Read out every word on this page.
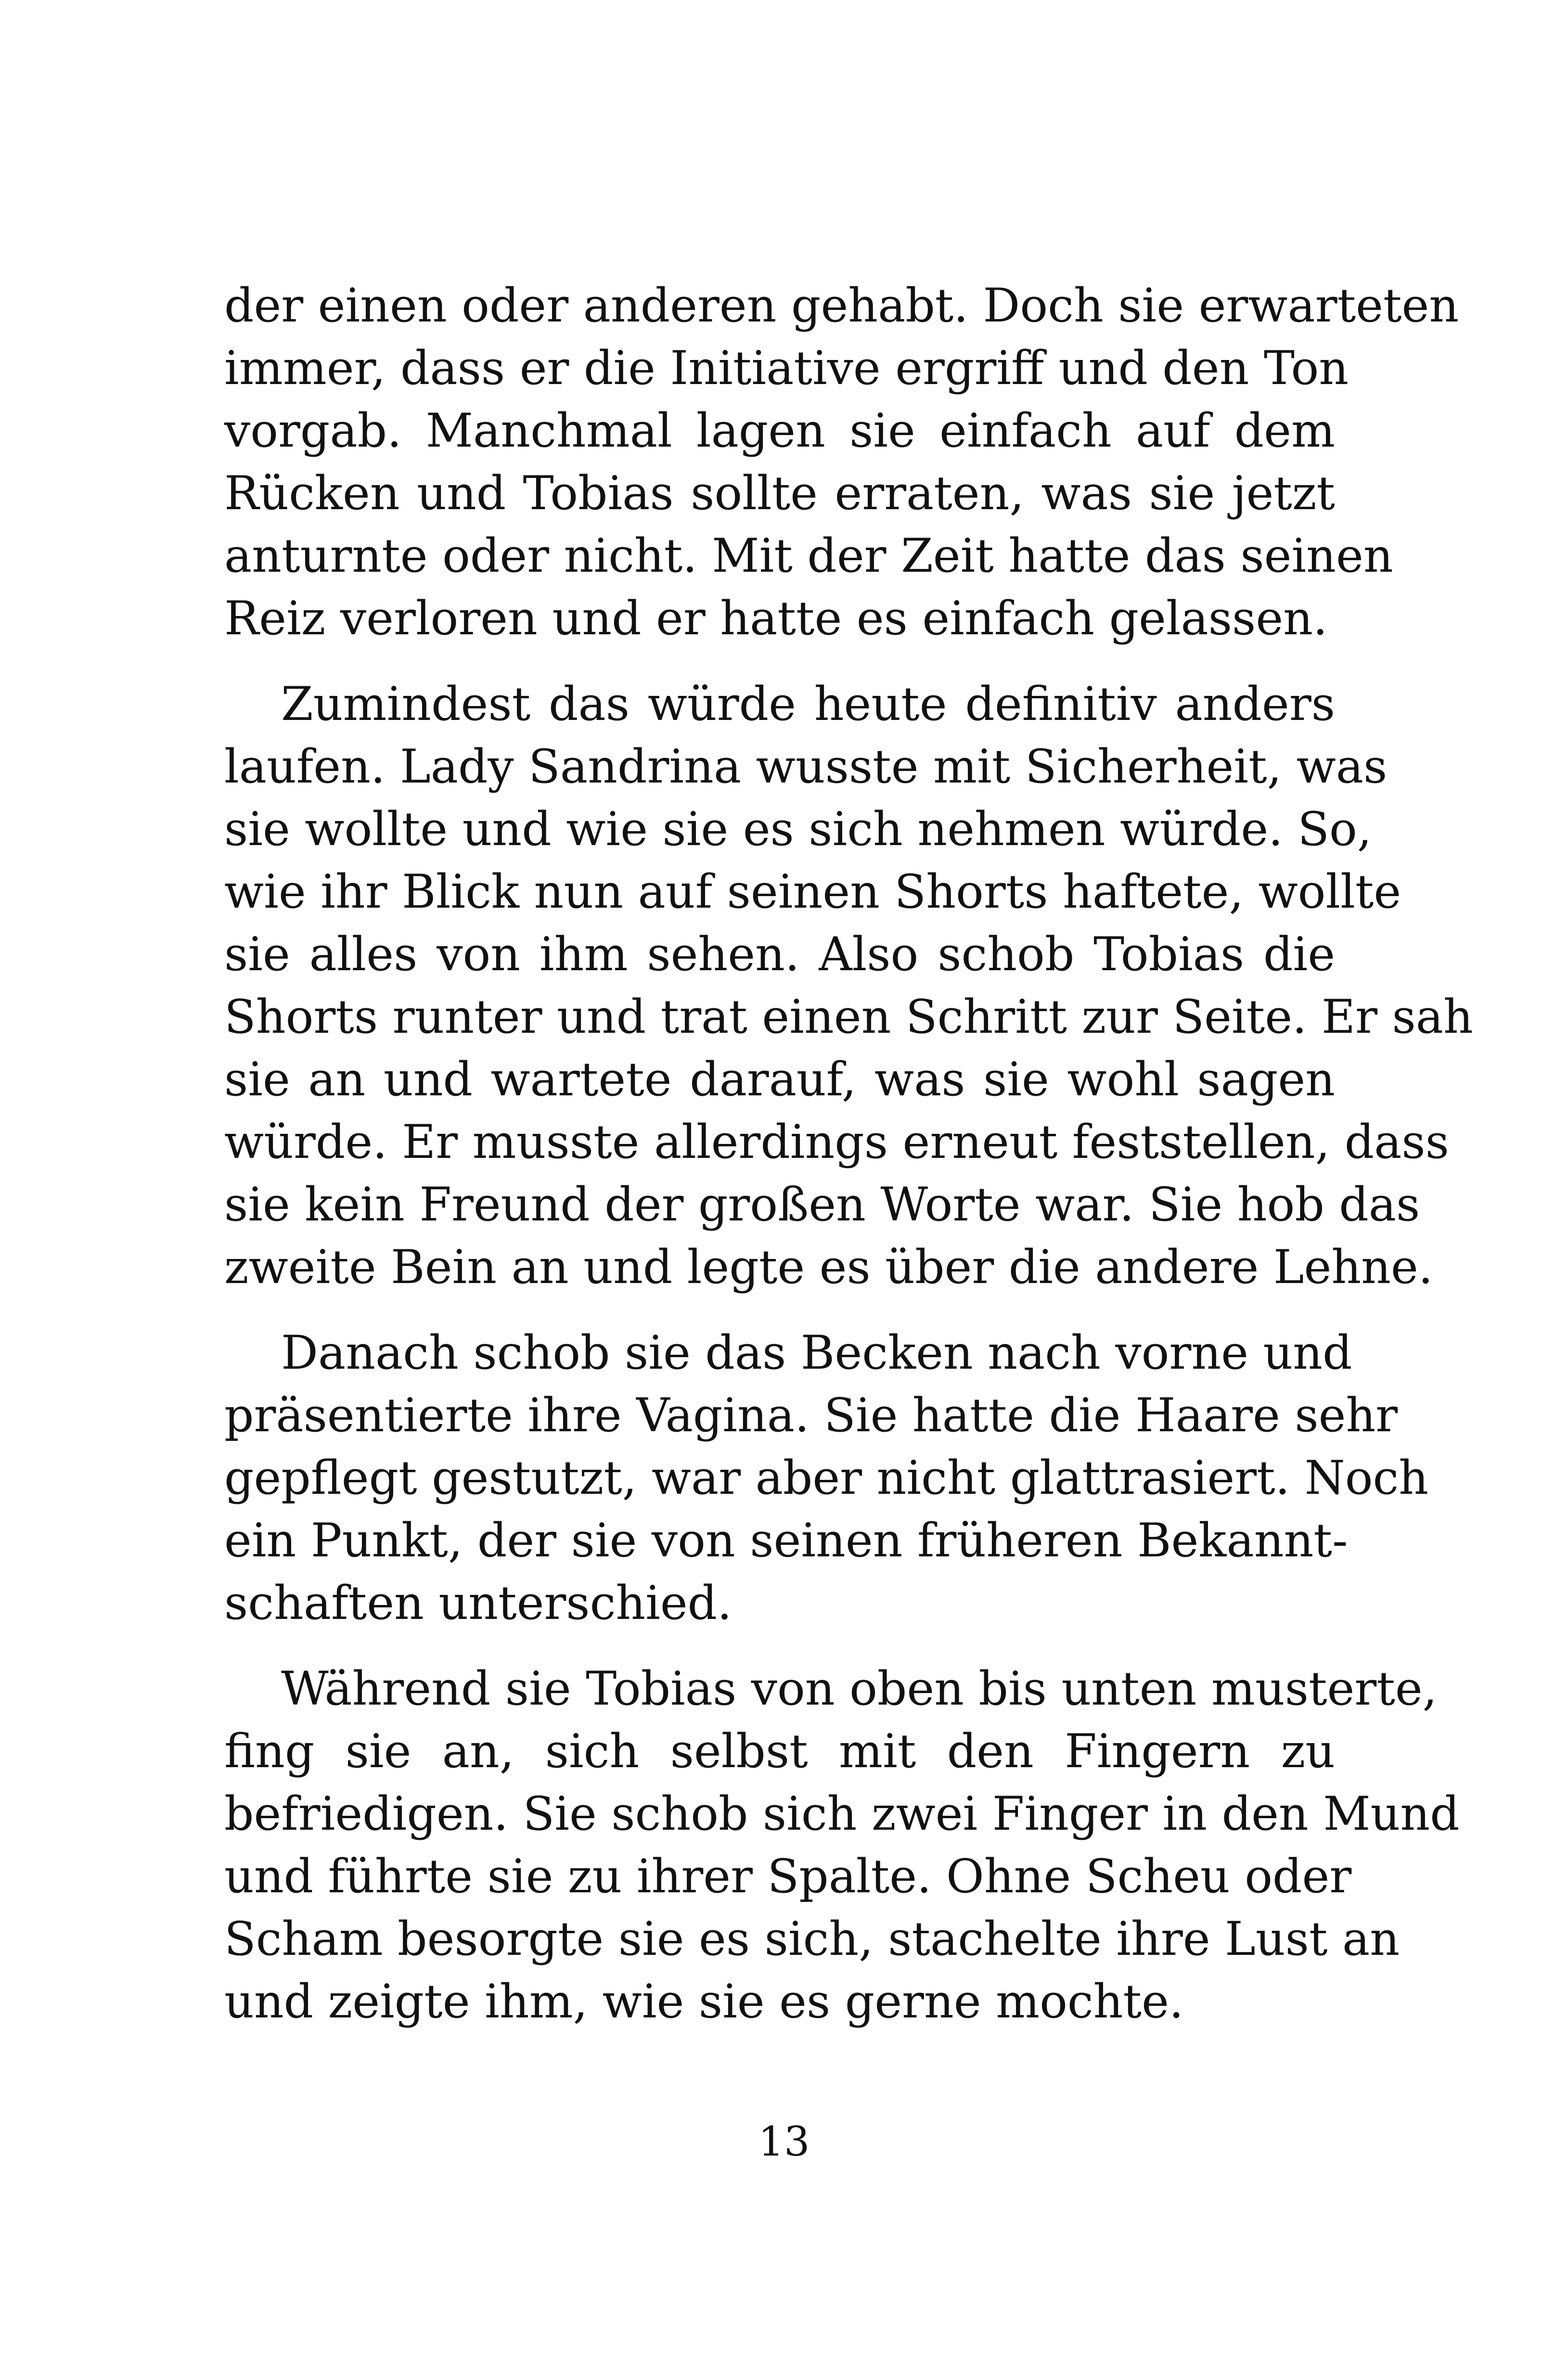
der einen oder anderen gehabt. Doch sie erwarteten
immer, dass er die Initiative ergriff und den Ton
vorgab. Manchmal lagen sie einfach auf dem
Rücken und Tobias sollte erraten, was sie jetzt
anturnte oder nicht. Mit der Zeit hatte das seinen
Reiz verloren und er hatte es einfach gelassen.
Zumindest das würde heute definitiv anders
laufen. Lady Sandrina wusste mit Sicherheit, was
sie wollte und wie sie es sich nehmen würde. So,
wie ihr Blick nun auf seinen Shorts haftete, wollte
sie alles von ihm sehen. Also schob Tobias die
Shorts runter und trat einen Schritt zur Seite. Er sah
sie an und wartete darauf, was sie wohl sagen
würde. Er musste allerdings erneut feststellen, dass
sie kein Freund der großen Worte war. Sie hob das
zweite Bein an und legte es über die andere Lehne.
Danach schob sie das Becken nach vorne und
präsentierte ihre Vagina. Sie hatte die Haare sehr
gepflegt gestutzt, war aber nicht glattrasiert. Noch
ein Punkt, der sie von seinen früheren Bekannt-
schaften unterschied.
Während sie Tobias von oben bis unten musterte,
fing sie an, sich selbst mit den Fingern zu
befriedigen. Sie schob sich zwei Finger in den Mund
und führte sie zu ihrer Spalte. Ohne Scheu oder
Scham besorgte sie es sich, stachelte ihre Lust an
und zeigte ihm, wie sie es gerne mochte.
13
